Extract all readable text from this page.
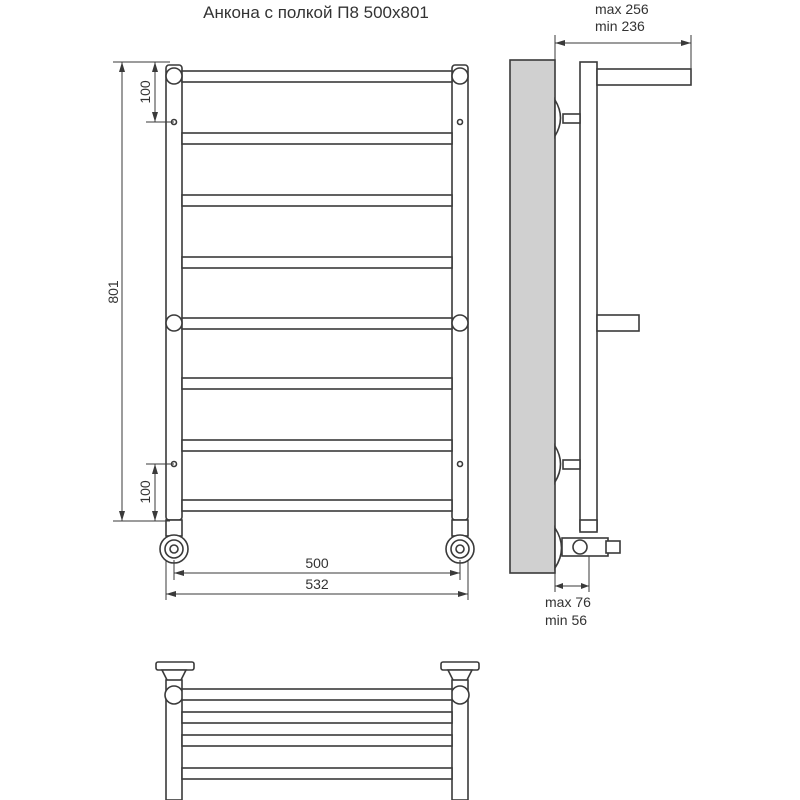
Анкона с полкой П8 500x801
801
100
100
500
532
max 256
min 236
max 76
min 56
